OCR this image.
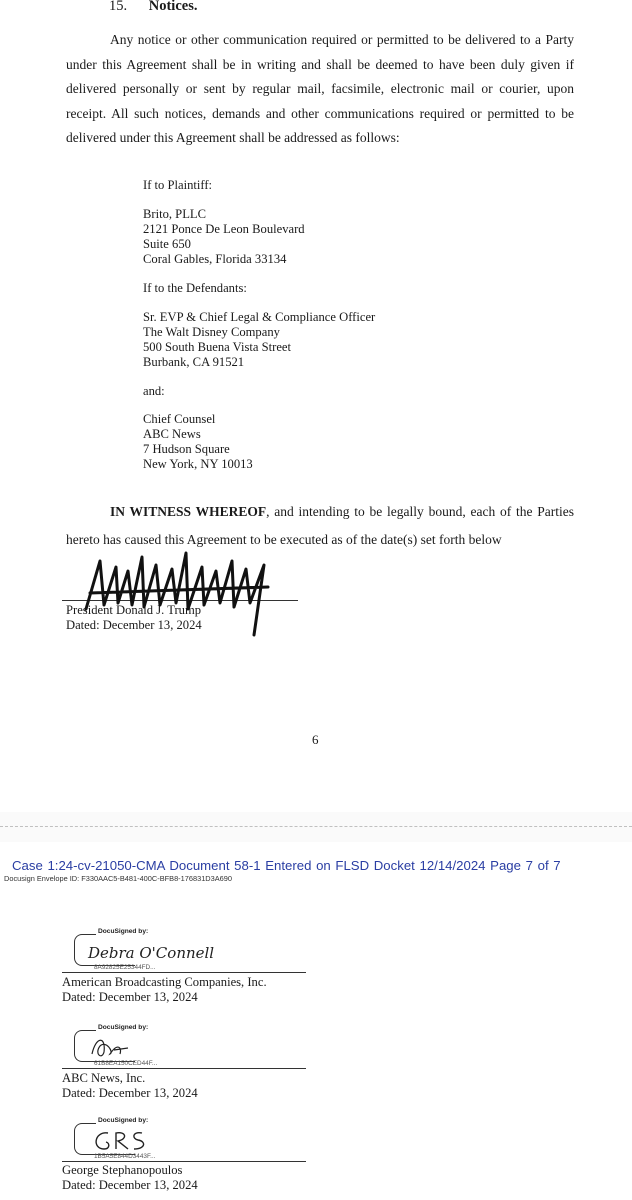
15. Notices.
Any notice or other communication required or permitted to be delivered to a Party under this Agreement shall be in writing and shall be deemed to have been duly given if delivered personally or sent by regular mail, facsimile, electronic mail or courier, upon receipt. All such notices, demands and other communications required or permitted to be delivered under this Agreement shall be addressed as follows:
If to Plaintiff:
Brito, PLLC
2121 Ponce De Leon Boulevard
Suite 650
Coral Gables, Florida 33134
If to the Defendants:
Sr. EVP & Chief Legal & Compliance Officer
The Walt Disney Company
500 South Buena Vista Street
Burbank, CA 91521
and:
Chief Counsel
ABC News
7 Hudson Square
New York, NY 10013
IN WITNESS WHEREOF, and intending to be legally bound, each of the Parties hereto has caused this Agreement to be executed as of the date(s) set forth below
President Donald J. Trump
Dated: December 13, 2024
6
Case 1:24-cv-21050-CMA Document 58-1 Entered on FLSD Docket 12/14/2024 Page 7 of 7
Docusign Envelope ID: F330AAC5-B481-400C-BFB8-176831D3A690
DocuSigned by:
Debra O'Connell
8A92825E25344FD...
American Broadcasting Companies, Inc.
Dated: December 13, 2024
DocuSigned by:
61B8EA150CED44F...
ABC News, Inc.
Dated: December 13, 2024
DocuSigned by:
1B5A5E844D3443F...
George Stephanopoulos
Dated: December 13, 2024
